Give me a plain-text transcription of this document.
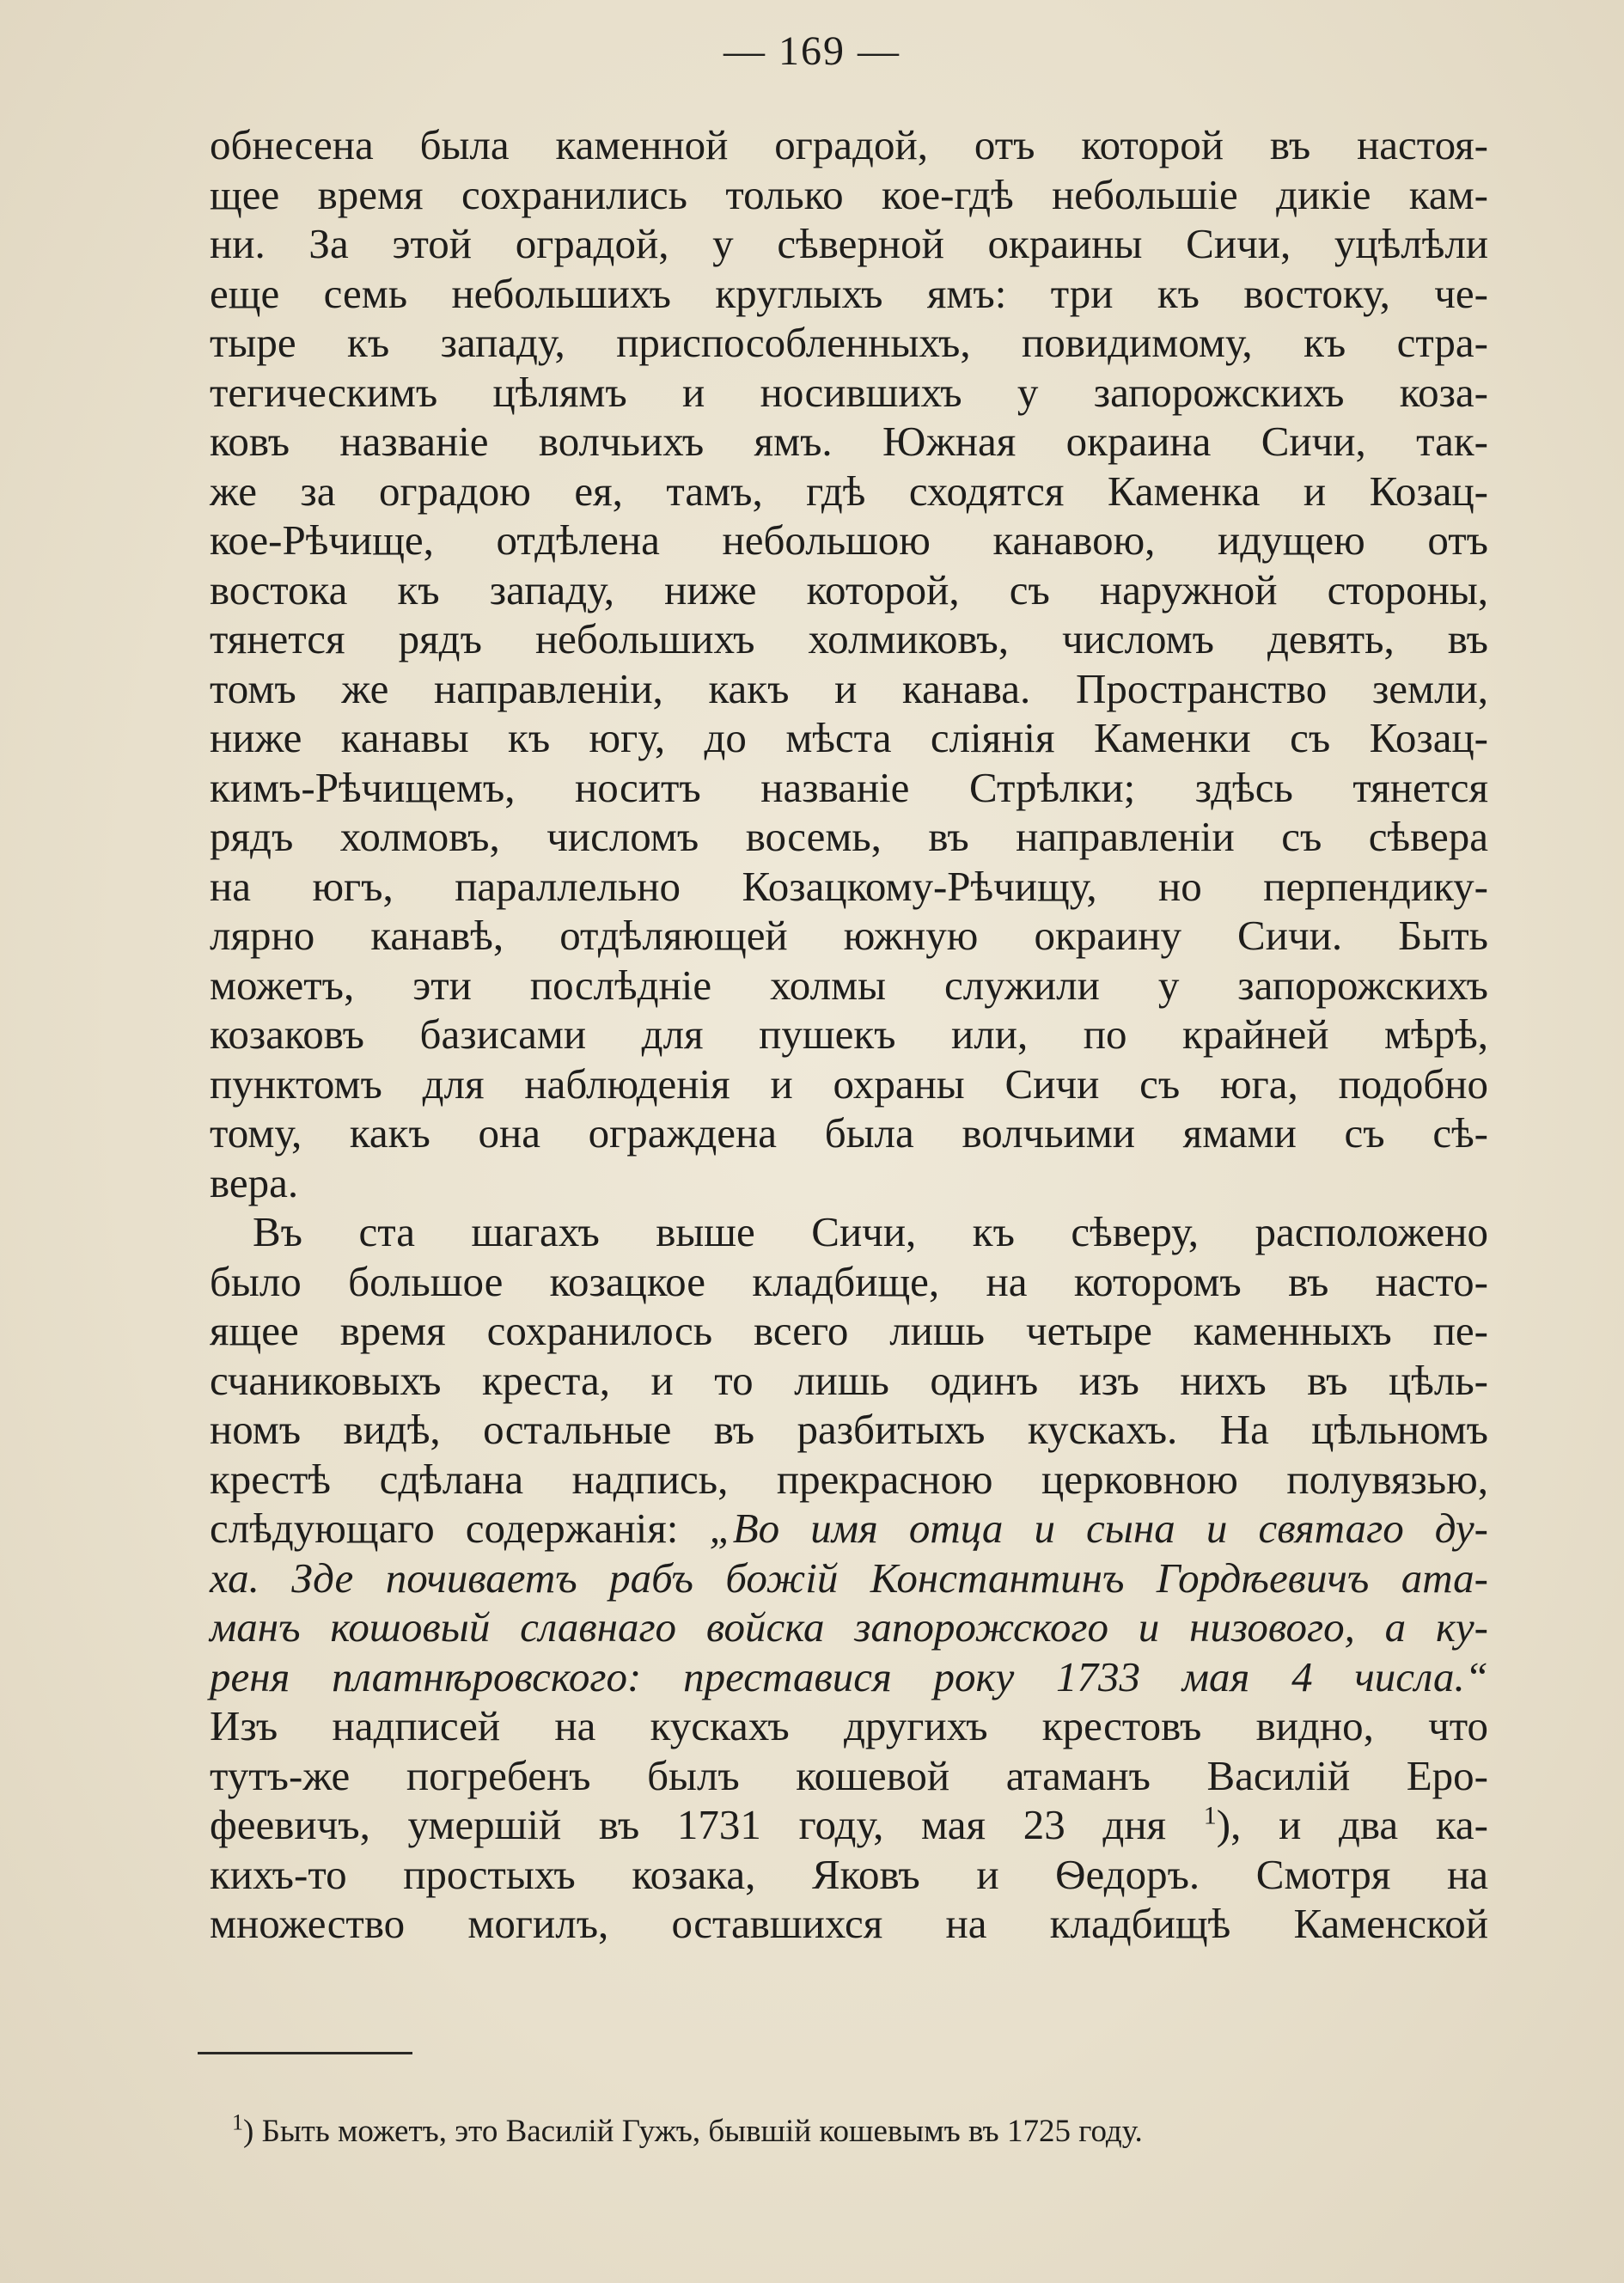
— 169 —
обнесена была каменной оградой, отъ которой въ настоя-
щее время сохранились только кое-гдѣ небольшіе дикіе кам-
ни. За этой оградой, у сѣверной окраины Сичи, уцѣлѣли
еще семь небольшихъ круглыхъ ямъ: три къ востоку, че-
тыре къ западу, приспособленныхъ, повидимому, къ стра-
тегическимъ цѣлямъ и носившихъ у запорожскихъ коза-
ковъ названіе волчьихъ ямъ. Южная окраина Сичи, так-
же за оградою ея, тамъ, гдѣ сходятся Каменка и Козац-
кое-Рѣчище, отдѣлена небольшою канавою, идущею отъ
востока къ западу, ниже которой, съ наружной стороны,
тянется рядъ небольшихъ холмиковъ, числомъ девять, въ
томъ же направленіи, какъ и канава. Пространство земли,
ниже канавы къ югу, до мѣста сліянія Каменки съ Козац-
кимъ-Рѣчищемъ, носитъ названіе Стрѣлки; здѣсь тянется
рядъ холмовъ, числомъ восемь, въ направленіи съ сѣвера
на югъ, параллельно Козацкому-Рѣчищу, но перпендику-
лярно канавѣ, отдѣляющей южную окраину Сичи. Быть
можетъ, эти послѣдніе холмы служили у запорожскихъ
козаковъ базисами для пушекъ или, по крайней мѣрѣ,
пунктомъ для наблюденія и охраны Сичи съ юга, подобно
тому, какъ она ограждена была волчьими ямами съ сѣ-
вера.
Въ ста шагахъ выше Сичи, къ сѣверу, расположено
было большое козацкое кладбище, на которомъ въ насто-
ящее время сохранилось всего лишь четыре каменныхъ пе-
счаниковыхъ креста, и то лишь одинъ изъ нихъ въ цѣль-
номъ видѣ, остальные въ разбитыхъ кускахъ. На цѣльномъ
крестѣ сдѣлана надпись, прекрасною церковною полувязью,
слѣдующаго содержанія: „Во имя отца и сына и святаго ду-
ха. Зде почиваетъ рабъ божій Константинъ Гордѣевичъ ата-
манъ кошовый славнаго войска запорожского и низового, а ку-
реня платнѣровского: преставися року 1733 мая 4 числа.“
Изъ надписей на кускахъ другихъ крестовъ видно, что
тутъ-же погребенъ былъ кошевой атаманъ Василій Еро-
феевичъ, умершій въ 1731 году, мая 23 дня $^1$), и два ка-
кихъ-то простыхъ козака, Яковъ и Ѳедоръ. Смотря на
множество могилъ, оставшихся на кладбищѣ Каменской
$^1$) Быть можетъ, это Василій Гужъ, бывшій кошевымъ въ 1725 году.
